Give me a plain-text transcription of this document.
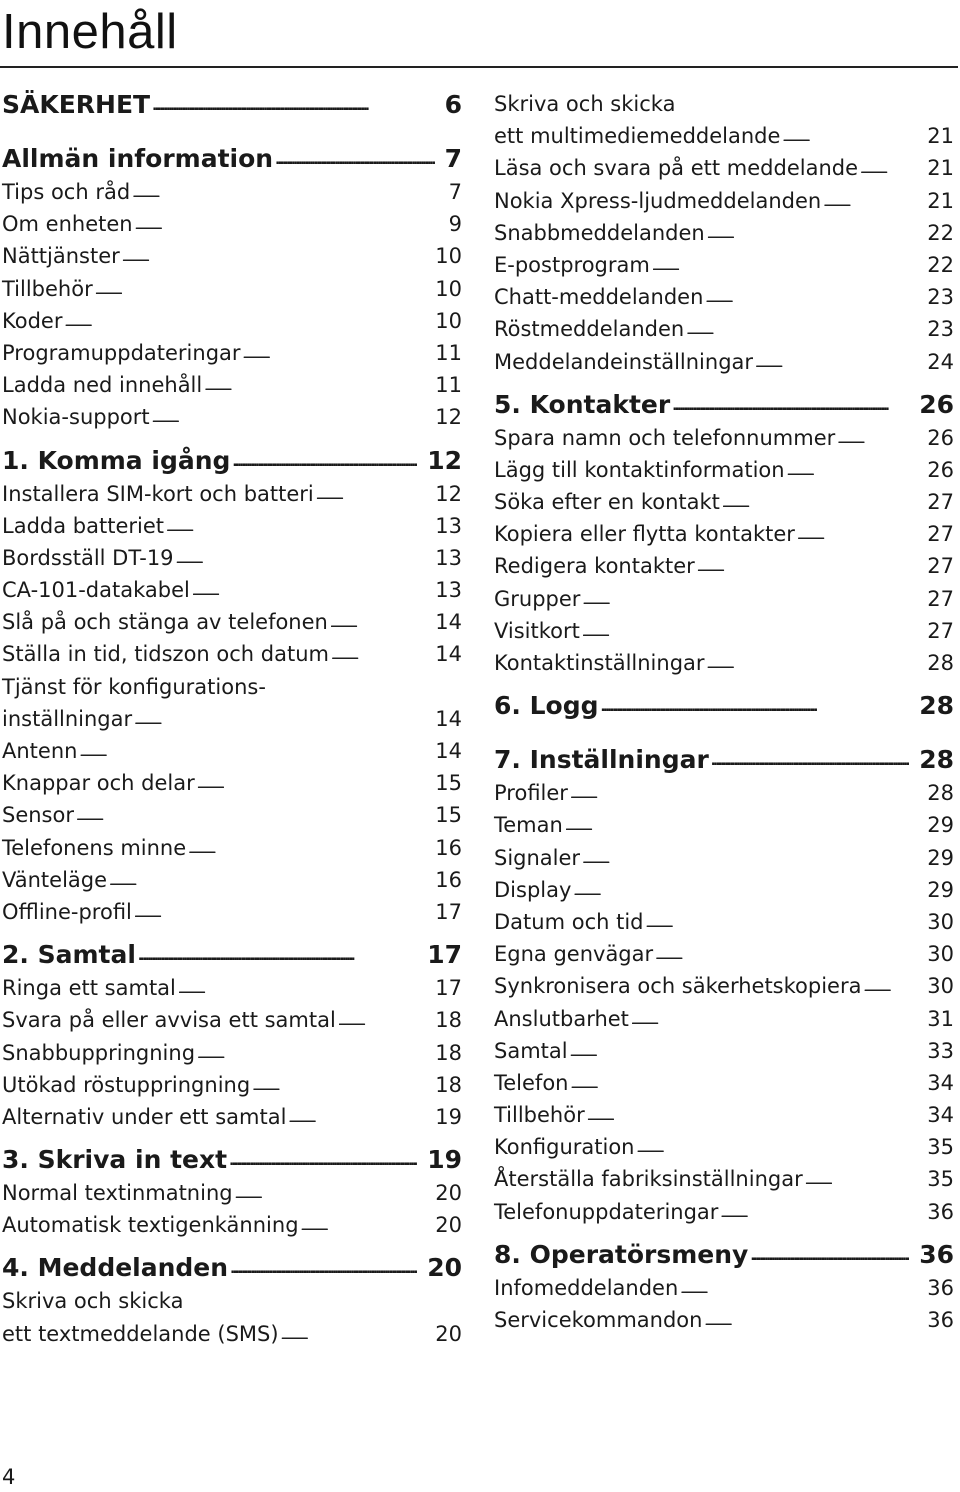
Innehåll
SÄKERHET . . .	6
Allmän information . . .	7
Tips och råd . . .	7
Om enheten . . .	9
Nättjänster . . .	10
Tillbehör . . .	10
Koder . . .	10
Programuppdateringar . . .	11
Ladda ned innehåll . . .	11
Nokia-support . . .	12
1. Komma igång . . .	12
Installera SIM-kort och batteri . . .	12
Ladda batteriet . . .	13
Bordsställ DT-19 . . .	13
CA-101-datakabel . . .	13
Slå på och stänga av telefonen . . .	14
Ställa in tid, tidszon och datum . . .	14
Tjänst för konfigurations-
inställningar . . .	14
Antenn . . .	14
Knappar och delar . . .	15
Sensor . . .	15
Telefonens minne . . .	16
Vänteläge . . .	16
Offline-profil . . .	17
2. Samtal . . .	17
Ringa ett samtal . . .	17
Svara på eller avvisa ett samtal . . .	18
Snabbuppringning . . .	18
Utökad röstuppringning . . .	18
Alternativ under ett samtal . . .	19
3. Skriva in text . . .	19
Normal textinmatning . . .	20
Automatisk textigenkänning . . .	20
4. Meddelanden . . .	20
Skriva och skicka
ett textmeddelande (SMS) . . .	20
Skriva och skicka
ett multimediemeddelande . . .	21
Läsa och svara på ett meddelande . . .	21
Nokia Xpress-ljudmeddelanden . . .	21
Snabbmeddelanden . . .	22
E-postprogram . . .	22
Chatt-meddelanden . . .	23
Röstmeddelanden . . .	23
Meddelandeinställningar . . .	24
5. Kontakter . . .	26
Spara namn och telefonnummer . . .	26
Lägg till kontaktinformation . . .	26
Söka efter en kontakt . . .	27
Kopiera eller flytta kontakter . . .	27
Redigera kontakter . . .	27
Grupper . . .	27
Visitkort . . .	27
Kontaktinställningar . . .	28
6. Logg . . .	28
7. Inställningar . . .	28
Profiler . . .	28
Teman . . .	29
Signaler . . .	29
Display . . .	29
Datum och tid . . .	30
Egna genvägar . . .	30
Synkronisera och säkerhetskopiera . . .	30
Anslutbarhet . . .	31
Samtal . . .	33
Telefon . . .	34
Tillbehör . . .	34
Konfiguration . . .	35
Återställa fabriksinställningar . . .	35
Telefonuppdateringar . . .	36
8. Operatörsmeny . . .	36
Infomeddelanden . . .	36
Servicekommandon . . .	36
4
